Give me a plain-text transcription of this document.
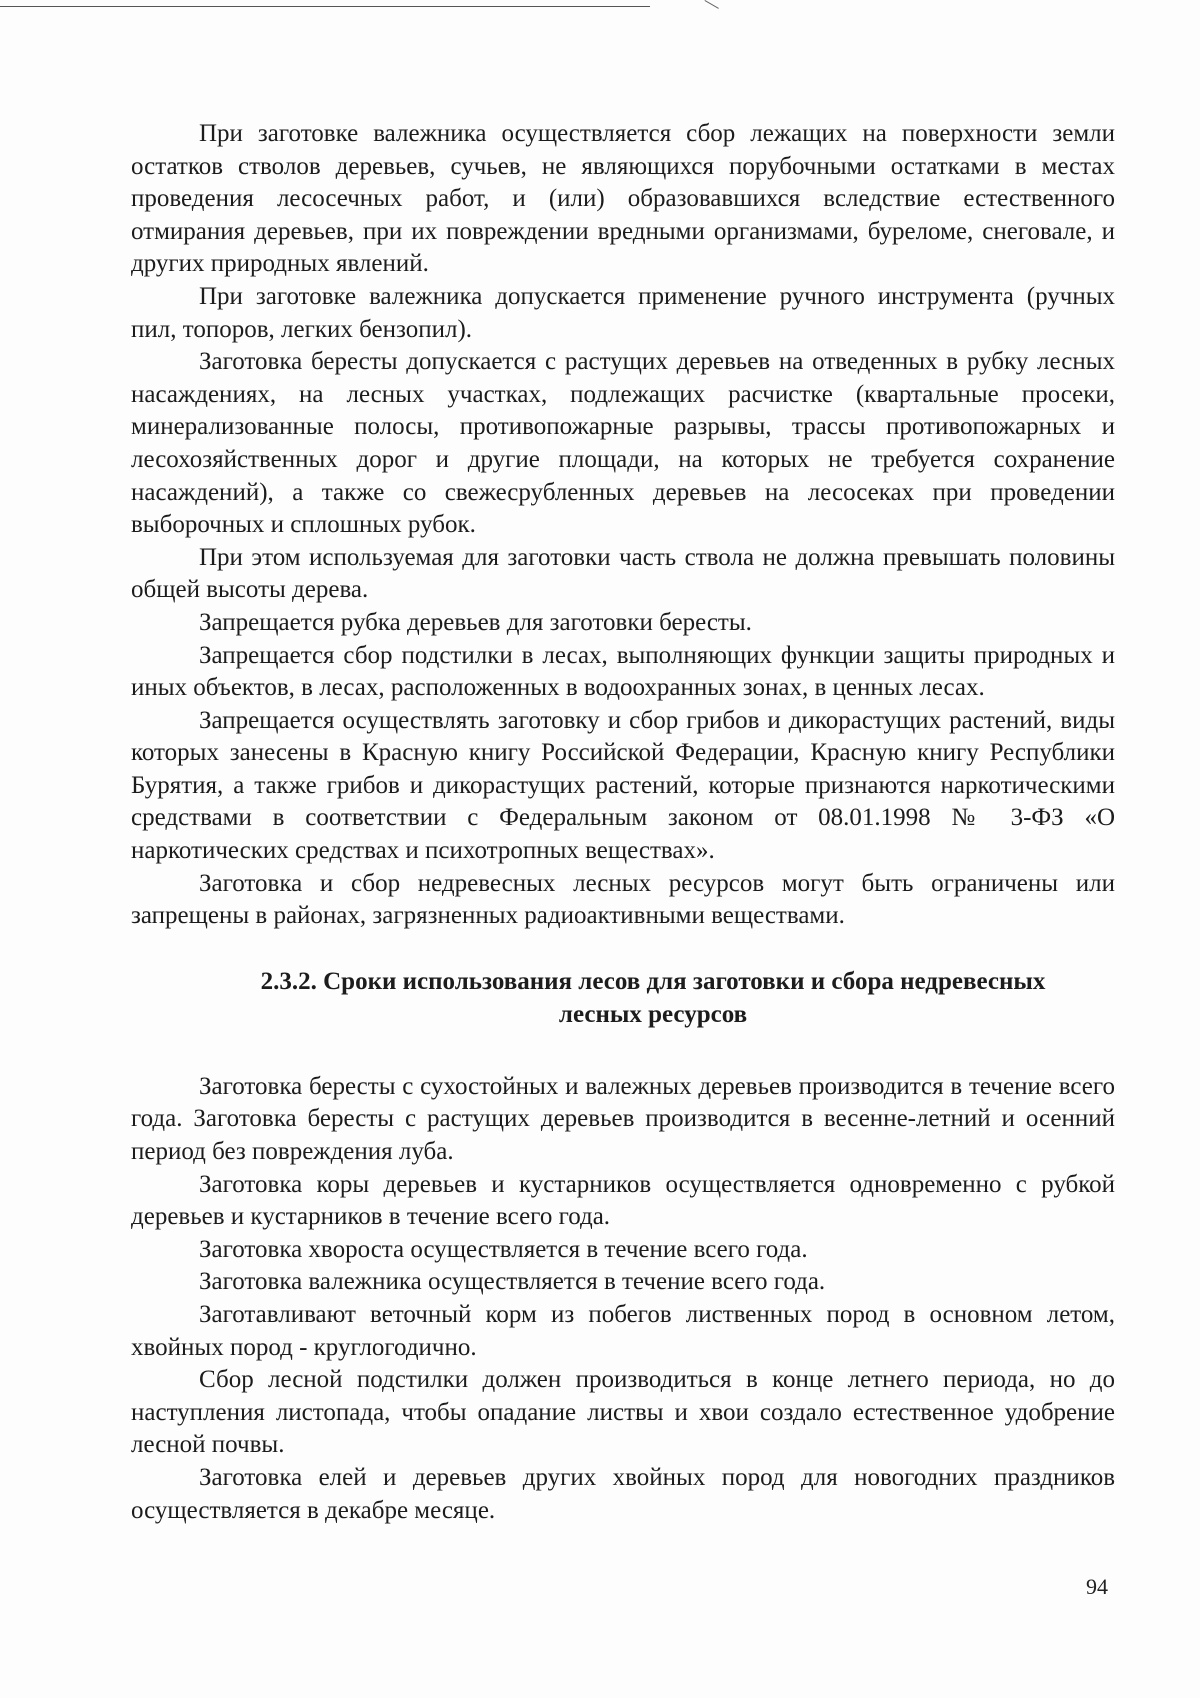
При заготовке валежника осуществляется сбор лежащих на поверхности земли остатков стволов деревьев, сучьев, не являющихся порубочными остатками в местах проведения лесосечных работ, и (или) образовавшихся вследствие естественного отмирания деревьев, при их повреждении вредными организмами, буреломе, снеговале, и других природных явлений.

При заготовке валежника допускается применение ручного инструмента (ручных пил, топоров, легких бензопил).

Заготовка бересты допускается с растущих деревьев на отведенных в рубку лесных насаждениях, на лесных участках, подлежащих расчистке (квартальные просеки, минерализованные полосы, противопожарные разрывы, трассы противопожарных и лесохозяйственных дорог и другие площади, на которых не требуется сохранение насаждений), а также со свежесрубленных деревьев на лесосеках при проведении выборочных и сплошных рубок.

При этом используемая для заготовки часть ствола не должна превышать половины общей высоты дерева.

Запрещается рубка деревьев для заготовки бересты.

Запрещается сбор подстилки в лесах, выполняющих функции защиты природных и иных объектов, в лесах, расположенных в водоохранных зонах, в ценных лесах.

Запрещается осуществлять заготовку и сбор грибов и дикорастущих растений, виды которых занесены в Красную книгу Российской Федерации, Красную книгу Республики Бурятия, а также грибов и дикорастущих растений, которые признаются наркотическими средствами в соответствии с Федеральным законом от 08.01.1998 № 3-ФЗ «О наркотических средствах и психотропных веществах».

Заготовка и сбор недревесных лесных ресурсов могут быть ограничены или запрещены в районах, загрязненных радиоактивными веществами.

2.3.2. Сроки использования лесов для заготовки и сбора недревесных
лесных ресурсов

Заготовка бересты с сухостойных и валежных деревьев производится в течение всего года. Заготовка бересты с растущих деревьев производится в весенне-летний и осенний период без повреждения луба.

Заготовка коры деревьев и кустарников осуществляется одновременно с рубкой деревьев и кустарников в течение всего года.

Заготовка хвороста осуществляется в течение всего года.

Заготовка валежника осуществляется в течение всего года.

Заготавливают веточный корм из побегов лиственных пород в основном летом, хвойных пород - круглогодично.

Сбор лесной подстилки должен производиться в конце летнего периода, но до наступления листопада, чтобы опадание листвы и хвои создало естественное удобрение лесной почвы.

Заготовка елей и деревьев других хвойных пород для новогодних праздников осуществляется в декабре месяце.

94
